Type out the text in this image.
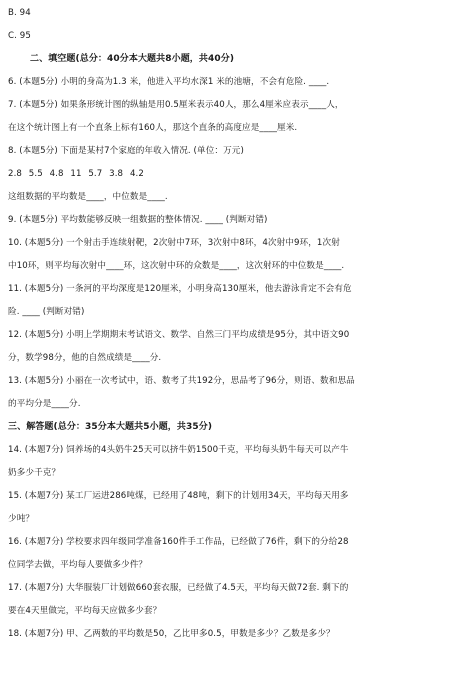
B. 94
C. 95
二、填空题(总分：40分本大题共8小题，共40分)
6. (本题5分) 小明的身高为1.3 米，他进入平均水深1 米的池塘，不会有危险. ____.
7. (本题5分) 如果条形统计图的纵轴是用0.5厘米表示40人，那么4厘米应表示____人，
在这个统计图上有一个直条上标有160人，那这个直条的高度应是____厘米.
8. (本题5分) 下面是某村7个家庭的年收入情况. (单位：万元)
2.8 5.5 4.8 11 5.7 3.8 4.2
这组数据的平均数是____，中位数是____.
9. (本题5分) 平均数能够反映一组数据的整体情况. ____ (判断对错)
10. (本题5分) 一个射击手连续射靶，2次射中7环，3次射中8环，4次射中9环，1次射
中10环，则平均每次射中____环，这次射中环的众数是____，这次射环的中位数是____.
11. (本题5分) 一条河的平均深度是120厘米，小明身高130厘米，他去游泳肯定不会有危
险. ____ (判断对错)
12. (本题5分) 小明上学期期末考试语文、数学、自然三门平均成绩是95分，其中语文90
分，数学98分，他的自然成绩是____分.
13. (本题5分) 小丽在一次考试中，语、数考了共192分，思品考了96分，则语、数和思品
的平均分是____分.
三、解答题(总分：35分本大题共5小题，共35分)
14. (本题7分) 饲养场的4头奶牛25天可以挤牛奶1500千克，平均每头奶牛每天可以产牛
奶多少千克？
15. (本题7分) 某工厂运进286吨煤，已经用了48吨，剩下的计划用34天，平均每天用多
少吨？
16. (本题7分) 学校要求四年级同学准备160件手工作品，已经做了76件，剩下的分给28
位同学去做，平均每人要做多少件？
17. (本题7分) 大华服装厂计划做660套衣服，已经做了4.5天，平均每天做72套. 剩下的
要在4天里做完，平均每天应做多少套？
18. (本题7分) 甲、乙两数的平均数是50，乙比甲多0.5，甲数是多少？乙数是多少？
